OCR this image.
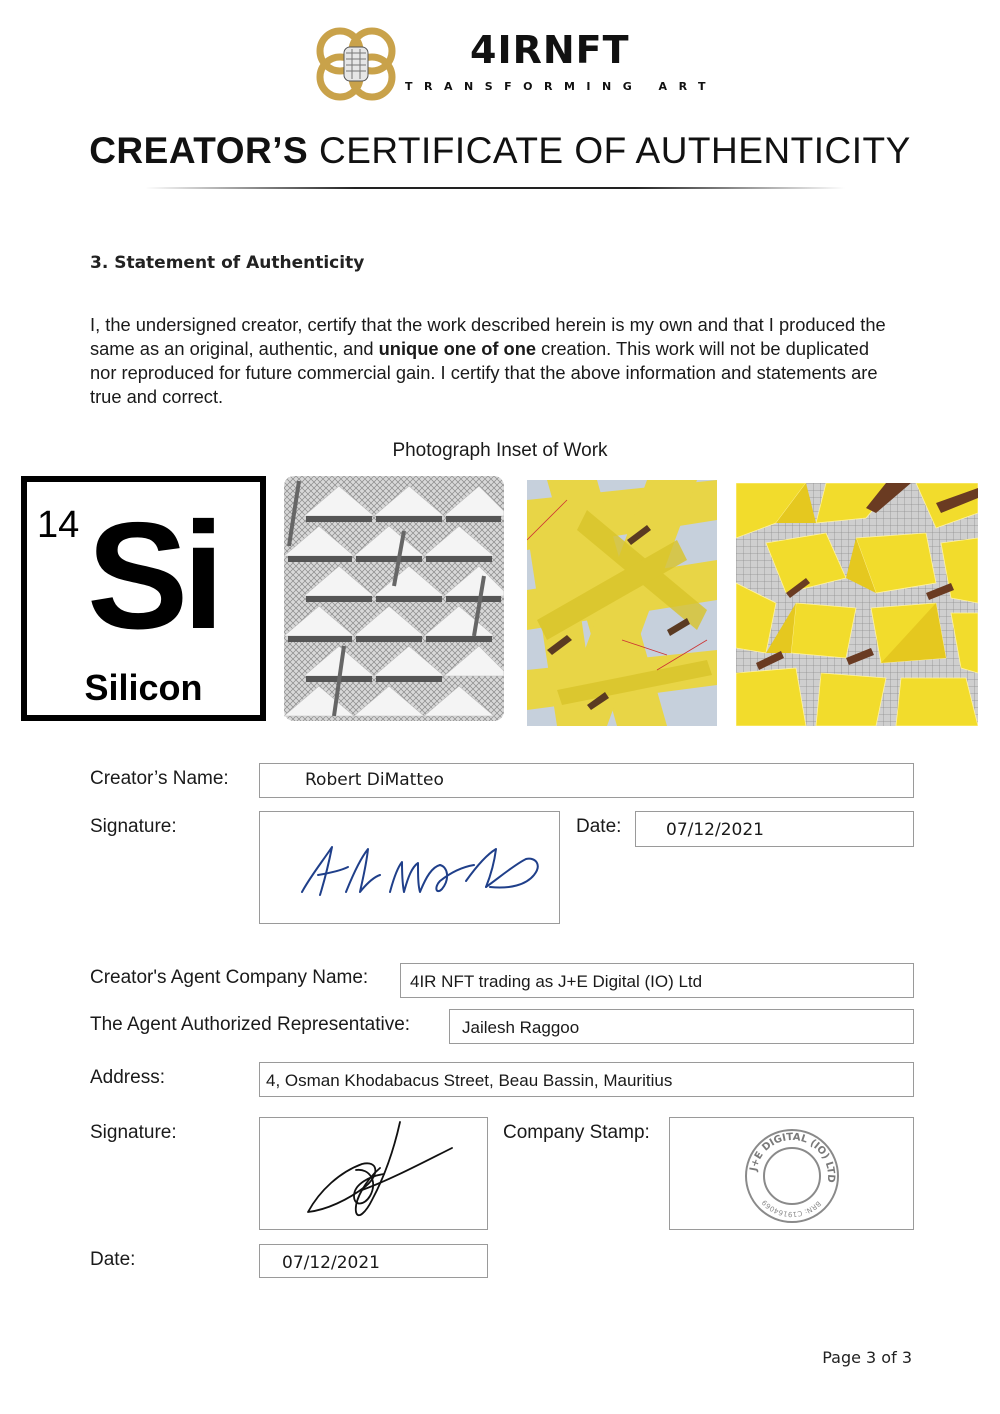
4IRNFT
TRANSFORMING ART
CREATOR’S CERTIFICATE OF AUTHENTICITY
3. Statement of Authenticity
I, the undersigned creator, certify that the work described herein is my own and that I produced the same as an original, authentic, and unique one of one creation. This work will not be duplicated nor reproduced for future commercial gain. I certify that the above information and statements are true and correct.
Photograph Inset of Work
14 Si
Silicon
Creator’s Name:	Robert DiMatteo
Signature:	Date:	07/12/2021
Creator's Agent Company Name: 4IR NFT trading as J+E Digital (IO) Ltd
The Agent Authorized Representative:	Jailesh Raggoo
Address:	4, Osman Khodabacus Street, Beau Bassin, Mauritius
Signature:	Company Stamp:
J+E DIGITAL (IO) LTD
BRN: C19164069
Date:	07/12/2021
Page 3 of 3
